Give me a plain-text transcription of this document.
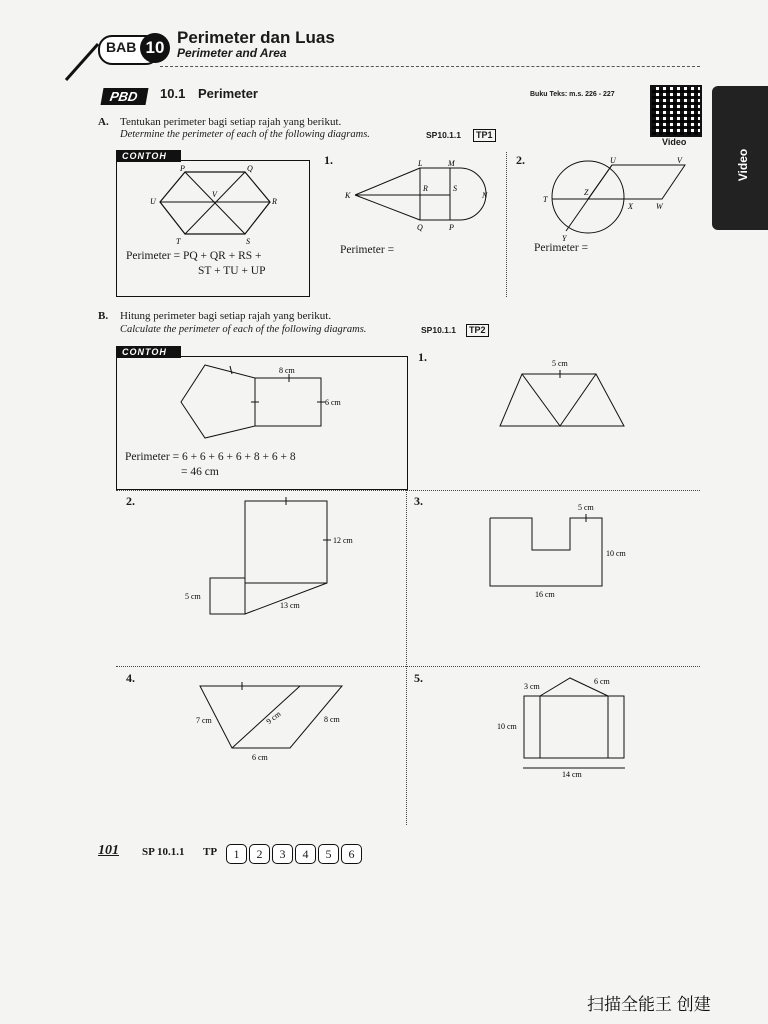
BAB 10
Perimeter dan Luas
Perimeter and Area
Video
PBD	10.1 Perimeter	Buku Teks: m.s. 226 - 227
Video
A. Tentukan perimeter bagi setiap rajah yang berikut.
Determine the perimeter of each of the following diagrams.	SP10.1.1	TP1
CONTOH
P	Q
R
S
T
U
V
Perimeter = PQ + QR + RS +
ST + TU + UP
1.
K
L	M
R	S
N
Q	P
Perimeter =
2.	U	V
T
Z
X	W
Y
Perimeter =
B. Hitung perimeter bagi setiap rajah yang berikut.
Calculate the perimeter of each of the following diagrams.	SP10.1.1	TP2
CONTOH
8 cm
6 cm
Perimeter = 6 + 6 + 6 + 6 + 8 + 6 + 8
= 46 cm
1.	5 cm
2.
12 cm
5 cm
13 cm
3.	5 cm
10 cm
16 cm
4.
7 cm	9 cm	8 cm
6 cm
5.
3 cm
6 cm
10 cm
14 cm
101 SP 10.1.1 TP	1 2 3 4 5 6
扫描全能王 创建
